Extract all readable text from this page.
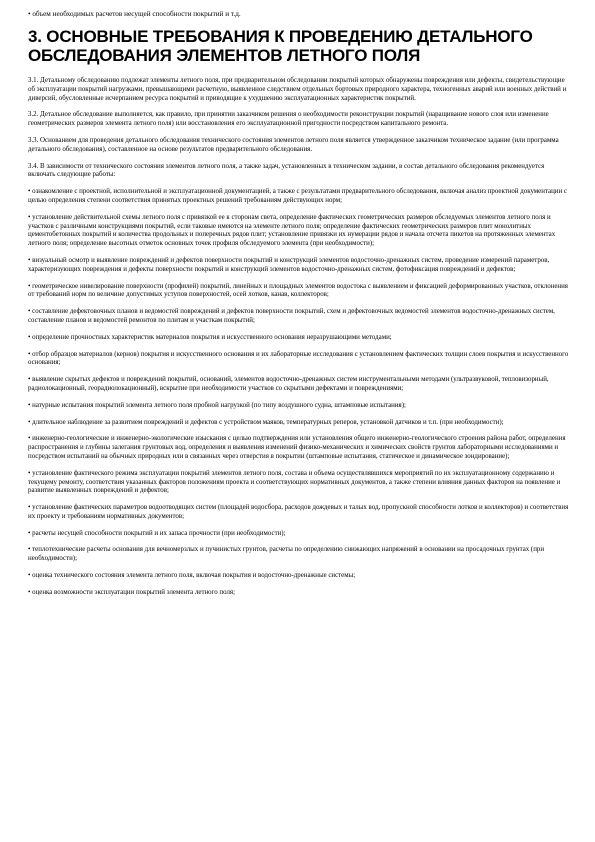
• объем необходимых расчетов несущей способности покрытий и т.д.

3. ОСНОВНЫЕ ТРЕБОВАНИЯ К ПРОВЕДЕНИЮ ДЕТАЛЬНОГО ОБСЛЕДОВАНИЯ ЭЛЕМЕНТОВ ЛЕТНОГО ПОЛЯ

3.1. Детальному обследованию подлежат элементы летного поля, при предварительном обследовании покрытий которых обнаружены повреждения или дефекты, свидетельствующие об эксплуатации покрытий нагрузками, превышающими расчетную, выявленное следствием отдельных бортовых природного характера, техногенных аварий или военных действий и диверсий, обусловленные исчерпанием ресурса покрытий и приводящие к ухудшению эксплуатационных характеристик покрытий.

3.2. Детальное обследование выполняется, как правило, при принятии заказчиком решения о необходимости реконструкции покрытий (наращивание нового слоя или изменение геометрических размеров элемента летного поля) или восстановления его эксплуатационной пригодности посредством капитального ремонта.

3.3. Основанием для проведения детального обследования технического состояния элементов летного поля является утвержденное заказчиком техническое задание (или программа детального обследования), составленное на основе результатов предварительного обследования.

3.4. В зависимости от технического состояния элементов летного поля, а также задач, установленных в техническом задании, в состав детального обследования рекомендуется включать следующие работы:

• ознакомление с проектной, исполнительной и эксплуатационной документацией, а также с результатами предварительного обследования, включая анализ проектной документации с целью определения степени соответствия принятых проектных решений требованиям действующих норм;
• установление действительной схемы летного поля с привязкой ее к сторонам света, определение фактических геометрических размеров обследуемых элементов летного поля и участков с различными конструкциями покрытий, если таковые имеются на элементе летного поля; определение фактических геометрических размеров плит монолитных цементобетонных покрытий и количества продольных и поперечных рядов плит; установление привязки их нумерации рядов и начала отсчета пикетов на протяженных элементах летного поля; определение высотных отметок основных точек профиля обследуемого элемента (при необходимости);
• визуальный осмотр и выявление повреждений и дефектов поверхности покрытий и конструкций элементов водосточно-дренажных систем, проведение измерений параметров, характеризующих повреждения и дефекты поверхности покрытий и конструкций элементов водосточно-дренажных систем, фотофиксация повреждений и дефектов;
• геометрическое нивелирование поверхности (профилей) покрытий, линейных и площадных элементов водостока с выявлением и фиксацией деформированных участков, отклонения от требований норм по величине допустимых уступов поверхностей, осей лотков, канав, коллекторов;
• составление дефектовочных планов и ведомостей повреждений и дефектов поверхности покрытий, схем и дефектовочных ведомостей элементов водосточно-дренажных систем, составление планов и ведомостей ремонтов по плитам и участкам покрытий;
• определение прочностных характеристик материалов покрытия и искусственного основания неразрушающими методами;
• отбор образцов материалов (кернов) покрытия и искусственного основания и их лабораторные исследования с установлением фактических толщин слоев покрытия и искусственного основания;
• выявление скрытых дефектов и повреждений покрытий, оснований, элементов водосточно-дренажных систем инструментальными методами (ультразвуковой, тепловизорный, радиолокационный, георадиолокационный), вскрытие при необходимости участков со скрытыми дефектами и повреждениями;
• натурные испытания покрытий элемента летного поля пробной нагрузкой (по типу воздушного судна, штамповые испытания);
• длительное наблюдение за развитием повреждений и дефектов с устройством маяков, температурных реперов, установкой датчиков и т.п. (при необходимости);
• инженерно-геологические и инженерно-экологические изыскания с целью подтверждения или установления общего инженерно-геологического строения района работ, определения распространения и глубины залегания грунтовых вод, определения и выявления изменений физико-механических и химических свойств грунтов лабораторными исследованиями и посредством испытаний на обычных природных или в связанных через отверстия в покрытии (штамповые испытания, статическое и динамическое зондирование);
• установление фактического режима эксплуатации покрытий элементов летного поля, состава и объема осуществлявшихся мероприятий по их эксплуатационному содержанию и текущему ремонту, соответствия указанных факторов положениям проекта и соответствующих нормативных документов, а также степени влияния данных факторов на появление и развитие выявленных повреждений и дефектов;
• установление фактических параметров водоотводящих систем (площадей водосбора, расходов дождевых и талых вод, пропускной способности лотков и коллекторов) и соответствия их проекту и требованиям нормативных документов;
• расчеты несущей способности покрытий и их запаса прочности (при необходимости);
• теплотехнические расчеты основания для вечномерзлых и пучинистых грунтов, расчеты по определению снижающих напряжений в основании на просадочных грунтах (при необходимости);
• оценка технического состояния элемента летного поля, включая покрытия и водосточно-дренажные системы;
• оценка возможности эксплуатации покрытий элемента летного поля;
